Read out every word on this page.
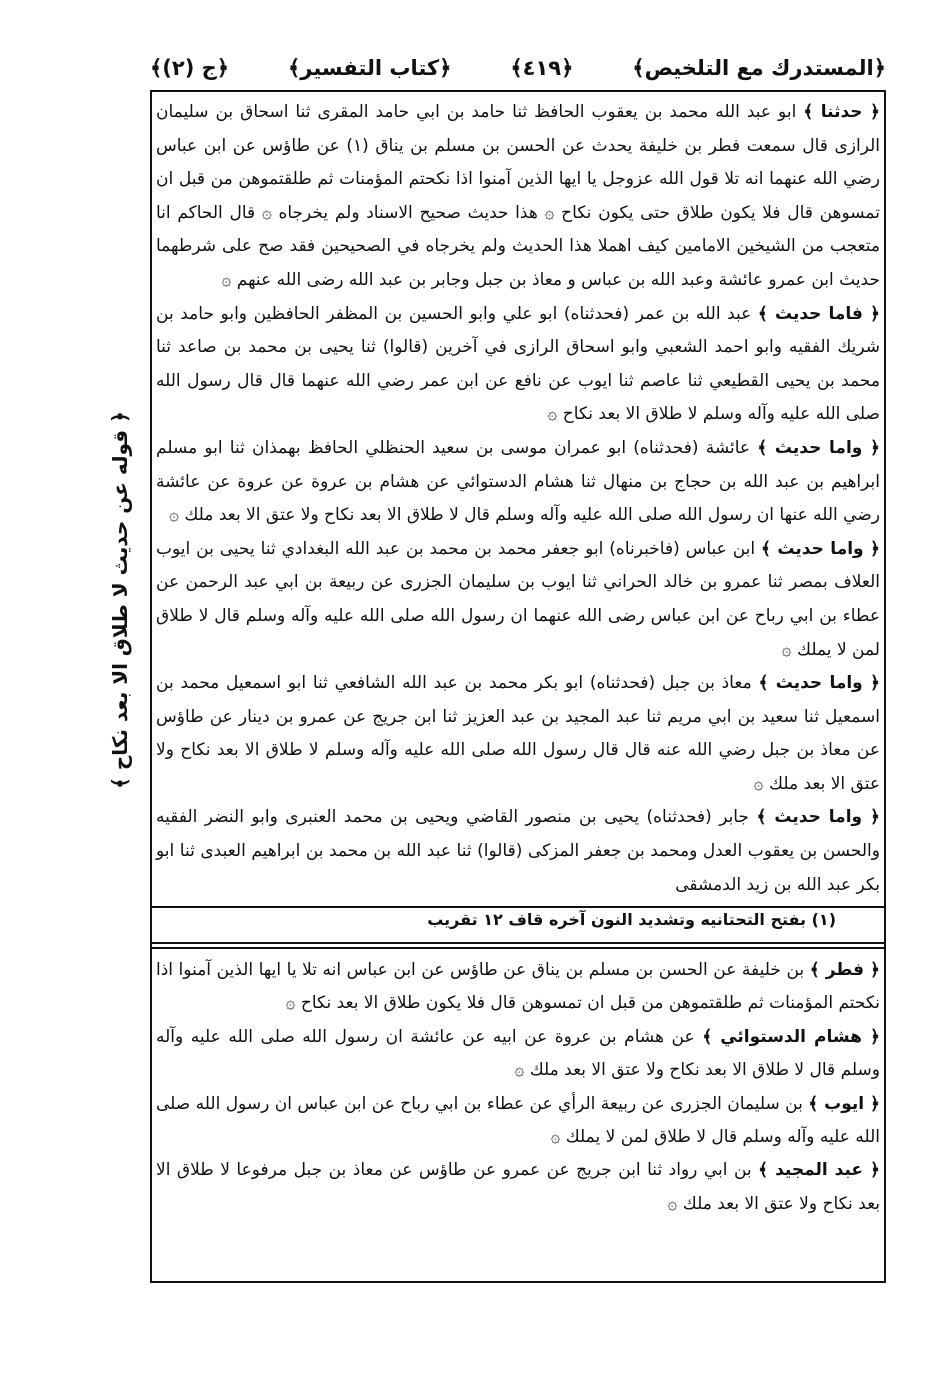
﴿المستدرك مع التلخيص﴾
﴿٤١٩﴾
﴿كتاب التفسير﴾
﴿ج (٢)﴾
﴿ قوله عن حديث لا طلاق الا بعد نكاح ﴾

﴿ حدثنا ﴾ ابو عبد الله محمد بن يعقوب الحافظ ثنا حامد بن ابي حامد المقرى ثنا اسحاق بن سليمان الرازى قال سمعت فطر بن خليفة يحدث عن الحسن بن مسلم بن يناق (١) عن طاؤس عن ابن عباس رضي الله عنهما انه تلا قول الله عزوجل يا ايها الذين آمنوا اذا نكحتم المؤمنات ثم طلقتموهن من قبل ان تمسوهن قال فلا يكون طلاق حتى يكون نكاح ۞ هذا حديث صحيح الاسناد ولم يخرجاه ۞ قال الحاكم انا متعجب من الشيخين الامامين كيف اهملا هذا الحديث ولم يخرجاه في الصحيحين فقد صح على شرطهما حديث ابن عمرو عائشة وعبد الله بن عباس و معاذ بن جبل وجابر بن عبد الله رضى الله عنهم ۞

﴿ فاما حديث ﴾ عبد الله بن عمر (فحدثناه) ابو علي وابو الحسين بن المظفر الحافظين وابو حامد بن شريك الفقيه وابو احمد الشعبي وابو اسحاق الرازى في آخرين (قالوا) ثنا يحيى بن محمد بن صاعد ثنا محمد بن يحيى القطيعي ثنا عاصم ثنا ايوب عن نافع عن ابن عمر رضي الله عنهما قال قال رسول الله صلى الله عليه وآله وسلم لا طلاق الا بعد نكاح ۞

﴿ واما حديث ﴾ عائشة (فحدثناه) ابو عمران موسى بن سعيد الحنظلي الحافظ بهمذان ثنا ابو مسلم ابراهيم بن عبد الله بن حجاج بن منهال ثنا هشام الدستوائي عن هشام بن عروة عن عروة عن عائشة رضي الله عنها ان رسول الله صلى الله عليه وآله وسلم قال لا طلاق الا بعد نكاح ولا عتق الا بعد ملك ۞

﴿ واما حديث ﴾ ابن عباس (فاخبرناه) ابو جعفر محمد بن محمد بن عبد الله البغدادي ثنا يحيى بن ايوب العلاف بمصر ثنا عمرو بن خالد الحراني ثنا ايوب بن سليمان الجزرى عن ربيعة بن ابي عبد الرحمن عن عطاء بن ابي رباح عن ابن عباس رضى الله عنهما ان رسول الله صلى الله عليه وآله وسلم قال لا طلاق لمن لا يملك ۞

﴿ واما حديث ﴾ معاذ بن جبل (فحدثناه) ابو بكر محمد بن عبد الله الشافعي ثنا ابو اسمعيل محمد بن اسمعيل ثنا سعيد بن ابي مريم ثنا عبد المجيد بن عبد العزيز ثنا ابن جريج عن عمرو بن دينار عن طاؤس عن معاذ بن جبل رضي الله عنه قال قال رسول الله صلى الله عليه وآله وسلم لا طلاق الا بعد نكاح ولا عتق الا بعد ملك ۞

﴿ واما حديث ﴾ جابر (فحدثناه) يحيى بن منصور القاضي ويحيى بن محمد العنبرى وابو النضر الفقيه والحسن بن يعقوب العدل ومحمد بن جعفر المزكى (قالوا) ثنا عبد الله بن محمد بن ابراهيم العبدى ثنا ابو بكر عبد الله بن زيد الدمشقى

(١) بفتح التحتانيه وتشديد النون آخره قاف ١٢ تقريب

﴿ فطر ﴾ بن خليفة عن الحسن بن مسلم بن يناق عن طاؤس عن ابن عباس انه تلا يا ايها الذين آمنوا اذا نكحتم المؤمنات ثم طلقتموهن من قبل ان تمسوهن قال فلا يكون طلاق الا بعد نكاح ۞

﴿ هشام الدستوائي ﴾ عن هشام بن عروة عن ابيه عن عائشة ان رسول الله صلى الله عليه وآله وسلم قال لا طلاق الا بعد نكاح ولا عتق الا بعد ملك ۞

﴿ ايوب ﴾ بن سليمان الجزرى عن ربيعة الرأي عن عطاء بن ابي رباح عن ابن عباس ان رسول الله صلى الله عليه وآله وسلم قال لا طلاق لمن لا يملك ۞

﴿ عبد المجيد ﴾ بن ابي رواد ثنا ابن جريج عن عمرو عن طاؤس عن معاذ بن جبل مرفوعا لا طلاق الا بعد نكاح ولا عتق الا بعد ملك ۞
